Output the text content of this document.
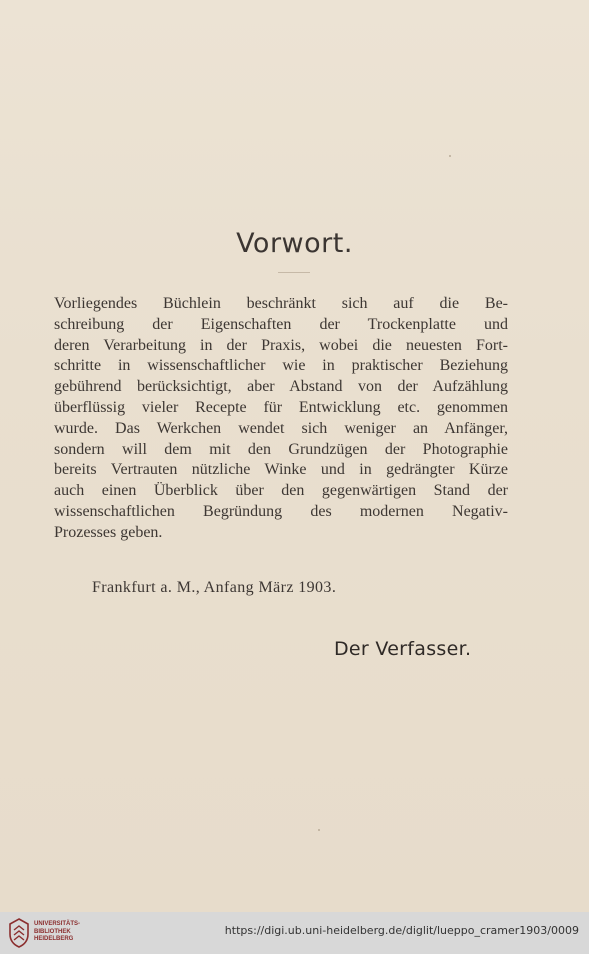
Vorwort.
Vorliegendes Büchlein beschränkt sich auf die Be-
schreibung der Eigenschaften der Trockenplatte und
deren Verarbeitung in der Praxis, wobei die neuesten Fort-
schritte in wissenschaftlicher wie in praktischer Beziehung
gebührend berücksichtigt, aber Abstand von der Aufzählung
überflüssig vieler Recepte für Entwicklung etc. genommen
wurde. Das Werkchen wendet sich weniger an Anfänger,
sondern will dem mit den Grundzügen der Photographie
bereits Vertrauten nützliche Winke und in gedrängter Kürze
auch einen Überblick über den gegenwärtigen Stand der
wissenschaftlichen Begründung des modernen Negativ-
Prozesses geben.
Frankfurt a. M., Anfang März 1903.
Der Verfasser.
UNIVERSITÄTS-
BIBLIOTHEK
HEIDELBERG
https://digi.ub.uni-heidelberg.de/diglit/lueppo_cramer1903/0009
